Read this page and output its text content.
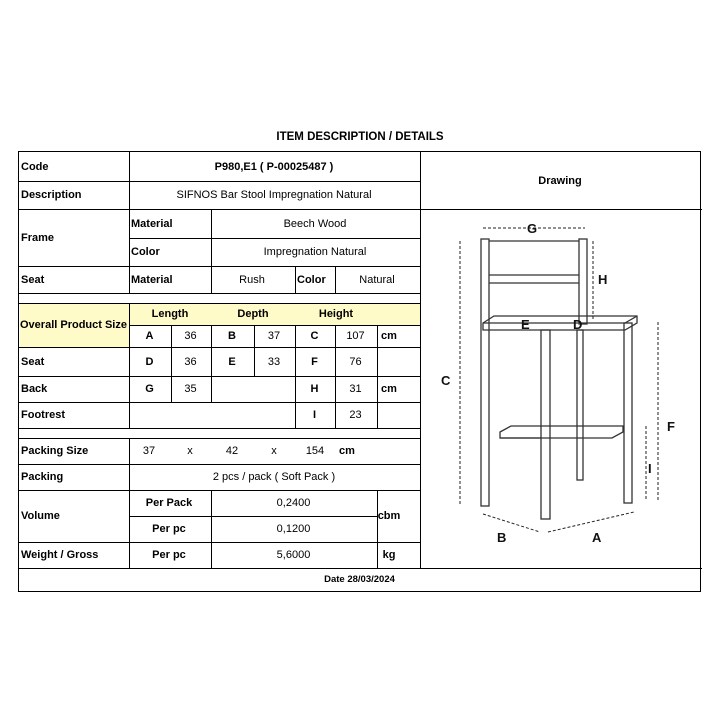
ITEM DESCRIPTION / DETAILS
Code	P980,E1 ( P-00025487 )
Description	SIFNOS Bar Stool Impregnation Natural
Drawing
Frame
Material	Beech Wood
Color	Impregnation Natural
Seat	Material	Rush	Color	Natural
Overall Product Size
Length	Depth	Height
A	36	B	37	C	107	cm
Seat	D	36	E	33	F	76
Back	G	35	H	31	cm
Footrest	I	23
Packing Size	37	x	42	x	154	cm
Packing	2 pcs / pack ( Soft Pack )
Volume
Per Pack	0,2400
Per pc	0,1200
cbm
Weight / Gross	Per pc	5,6000	kg
Date 28/03/2024
G
H
C
E	D
F
I
B	A
